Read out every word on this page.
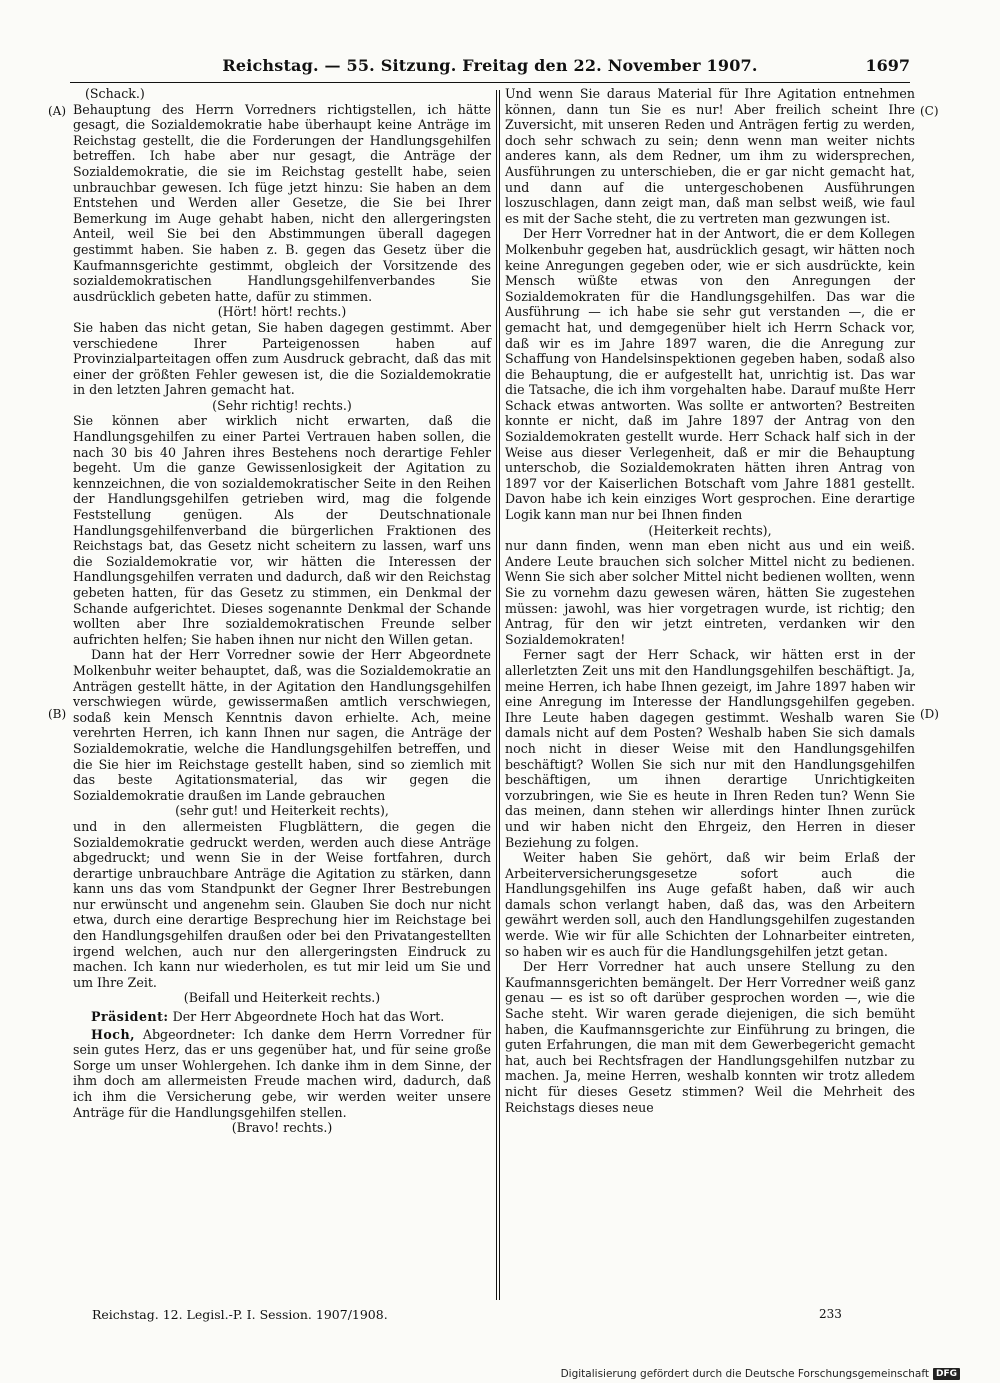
Reichstag. — 55. Sitzung. Freitag den 22. November 1907.	1697
(A)
(B)
(C)
(D)

(Schack.)

Behauptung des Herrn Vorredners richtigstellen, ich hätte gesagt, die Sozialdemokratie habe überhaupt keine Anträge im Reichstag gestellt, die die Forderungen der Handlungsgehilfen betreffen. Ich habe aber nur gesagt, die Anträge der Sozialdemokratie, die sie im Reichstag gestellt habe, seien unbrauchbar gewesen. Ich füge jetzt hinzu: Sie haben an dem Entstehen und Werden aller Gesetze, die Sie bei Ihrer Bemerkung im Auge gehabt haben, nicht den allergeringsten Anteil, weil Sie bei den Abstimmungen überall dagegen gestimmt haben. Sie haben z. B. gegen das Gesetz über die Kaufmannsgerichte gestimmt, obgleich der Vorsitzende des sozialdemokratischen Handlungsgehilfenverbandes Sie ausdrücklich gebeten hatte, dafür zu stimmen.

(Hört! hört! rechts.)

Sie haben das nicht getan, Sie haben dagegen gestimmt. Aber verschiedene Ihrer Parteigenossen haben auf Provinzialparteitagen offen zum Ausdruck gebracht, daß das mit einer der größten Fehler gewesen ist, die die Sozialdemokratie in den letzten Jahren gemacht hat.

(Sehr richtig! rechts.)

Sie können aber wirklich nicht erwarten, daß die Handlungsgehilfen zu einer Partei Vertrauen haben sollen, die nach 30 bis 40 Jahren ihres Bestehens noch derartige Fehler begeht. Um die ganze Gewissenlosigkeit der Agitation zu kennzeichnen, die von sozialdemokratischer Seite in den Reihen der Handlungsgehilfen getrieben wird, mag die folgende Feststellung genügen. Als der Deutschnationale Handlungsgehilfenverband die bürgerlichen Fraktionen des Reichstags bat, das Gesetz nicht scheitern zu lassen, warf uns die Sozialdemokratie vor, wir hätten die Interessen der Handlungsgehilfen verraten und dadurch, daß wir den Reichstag gebeten hatten, für das Gesetz zu stimmen, ein Denkmal der Schande aufgerichtet. Dieses sogenannte Denkmal der Schande wollten aber Ihre sozialdemokratischen Freunde selber aufrichten helfen; Sie haben ihnen nur nicht den Willen getan.

Dann hat der Herr Vorredner sowie der Herr Abgeordnete Molkenbuhr weiter behauptet, daß, was die Sozialdemokratie an Anträgen gestellt hätte, in der Agitation den Handlungsgehilfen verschwiegen würde, gewissermaßen amtlich verschwiegen, sodaß kein Mensch Kenntnis davon erhielte. Ach, meine verehrten Herren, ich kann Ihnen nur sagen, die Anträge der Sozialdemokratie, welche die Handlungsgehilfen betreffen, und die Sie hier im Reichstage gestellt haben, sind so ziemlich mit das beste Agitationsmaterial, das wir gegen die Sozialdemokratie draußen im Lande gebrauchen

(sehr gut! und Heiterkeit rechts),

und in den allermeisten Flugblättern, die gegen die Sozialdemokratie gedruckt werden, werden auch diese Anträge abgedruckt; und wenn Sie in der Weise fortfahren, durch derartige unbrauchbare Anträge die Agitation zu stärken, dann kann uns das vom Standpunkt der Gegner Ihrer Bestrebungen nur erwünscht und angenehm sein. Glauben Sie doch nur nicht etwa, durch eine derartige Besprechung hier im Reichstage bei den Handlungsgehilfen draußen oder bei den Privatangestellten irgend welchen, auch nur den allergeringsten Eindruck zu machen. Ich kann nur wiederholen, es tut mir leid um Sie und um Ihre Zeit.

(Beifall und Heiterkeit rechts.)

Präsident: Der Herr Abgeordnete Hoch hat das Wort.

Hoch, Abgeordneter: Ich danke dem Herrn Vorredner für sein gutes Herz, das er uns gegenüber hat, und für seine große Sorge um unser Wohlergehen. Ich danke ihm in dem Sinne, der ihm doch am allermeisten Freude machen wird, dadurch, daß ich ihm die Versicherung gebe, wir werden weiter unsere Anträge für die Handlungsgehilfen stellen.

(Bravo! rechts.)

Und wenn Sie daraus Material für Ihre Agitation entnehmen können, dann tun Sie es nur! Aber freilich scheint Ihre Zuversicht, mit unseren Reden und Anträgen fertig zu werden, doch sehr schwach zu sein; denn wenn man weiter nichts anderes kann, als dem Redner, um ihm zu widersprechen, Ausführungen zu unterschieben, die er gar nicht gemacht hat, und dann auf die untergeschobenen Ausführungen loszuschlagen, dann zeigt man, daß man selbst weiß, wie faul es mit der Sache steht, die zu vertreten man gezwungen ist.

Der Herr Vorredner hat in der Antwort, die er dem Kollegen Molkenbuhr gegeben hat, ausdrücklich gesagt, wir hätten noch keine Anregungen gegeben oder, wie er sich ausdrückte, kein Mensch wüßte etwas von den Anregungen der Sozialdemokraten für die Handlungsgehilfen. Das war die Ausführung — ich habe sie sehr gut verstanden —, die er gemacht hat, und demgegenüber hielt ich Herrn Schack vor, daß wir es im Jahre 1897 waren, die die Anregung zur Schaffung von Handelsinspektionen gegeben haben, sodaß also die Behauptung, die er aufgestellt hat, unrichtig ist. Das war die Tatsache, die ich ihm vorgehalten habe. Darauf mußte Herr Schack etwas antworten. Was sollte er antworten? Bestreiten konnte er nicht, daß im Jahre 1897 der Antrag von den Sozialdemokraten gestellt wurde. Herr Schack half sich in der Weise aus dieser Verlegenheit, daß er mir die Behauptung unterschob, die Sozialdemokraten hätten ihren Antrag von 1897 vor der Kaiserlichen Botschaft vom Jahre 1881 gestellt. Davon habe ich kein einziges Wort gesprochen. Eine derartige Logik kann man nur bei Ihnen finden

(Heiterkeit rechts),

nur dann finden, wenn man eben nicht aus und ein weiß. Andere Leute brauchen sich solcher Mittel nicht zu bedienen. Wenn Sie sich aber solcher Mittel nicht bedienen wollten, wenn Sie zu vornehm dazu gewesen wären, hätten Sie zugestehen müssen: jawohl, was hier vorgetragen wurde, ist richtig; den Antrag, für den wir jetzt eintreten, verdanken wir den Sozialdemokraten!

Ferner sagt der Herr Schack, wir hätten erst in der allerletzten Zeit uns mit den Handlungsgehilfen beschäftigt. Ja, meine Herren, ich habe Ihnen gezeigt, im Jahre 1897 haben wir eine Anregung im Interesse der Handlungsgehilfen gegeben. Ihre Leute haben dagegen gestimmt. Weshalb waren Sie damals nicht auf dem Posten? Weshalb haben Sie sich damals noch nicht in dieser Weise mit den Handlungsgehilfen beschäftigt? Wollen Sie sich nur mit den Handlungsgehilfen beschäftigen, um ihnen derartige Unrichtigkeiten vorzubringen, wie Sie es heute in Ihren Reden tun? Wenn Sie das meinen, dann stehen wir allerdings hinter Ihnen zurück und wir haben nicht den Ehrgeiz, den Herren in dieser Beziehung zu folgen.

Weiter haben Sie gehört, daß wir beim Erlaß der Arbeiterversicherungsgesetze sofort auch die Handlungsgehilfen ins Auge gefaßt haben, daß wir auch damals schon verlangt haben, daß das, was den Arbeitern gewährt werden soll, auch den Handlungsgehilfen zugestanden werde. Wie wir für alle Schichten der Lohnarbeiter eintreten, so haben wir es auch für die Handlungsgehilfen jetzt getan.

Der Herr Vorredner hat auch unsere Stellung zu den Kaufmannsgerichten bemängelt. Der Herr Vorredner weiß ganz genau — es ist so oft darüber gesprochen worden —, wie die Sache steht. Wir waren gerade diejenigen, die sich bemüht haben, die Kaufmannsgerichte zur Einführung zu bringen, die guten Erfahrungen, die man mit dem Gewerbegericht gemacht hat, auch bei Rechtsfragen der Handlungsgehilfen nutzbar zu machen. Ja, meine Herren, weshalb konnten wir trotz alledem nicht für dieses Gesetz stimmen? Weil die Mehrheit des Reichstags dieses neue

Reichstag. 12. Legisl.-P. I. Session. 1907/1908.	233
Digitalisierung gefördert durch die Deutsche Forschungsgemeinschaft DFG
